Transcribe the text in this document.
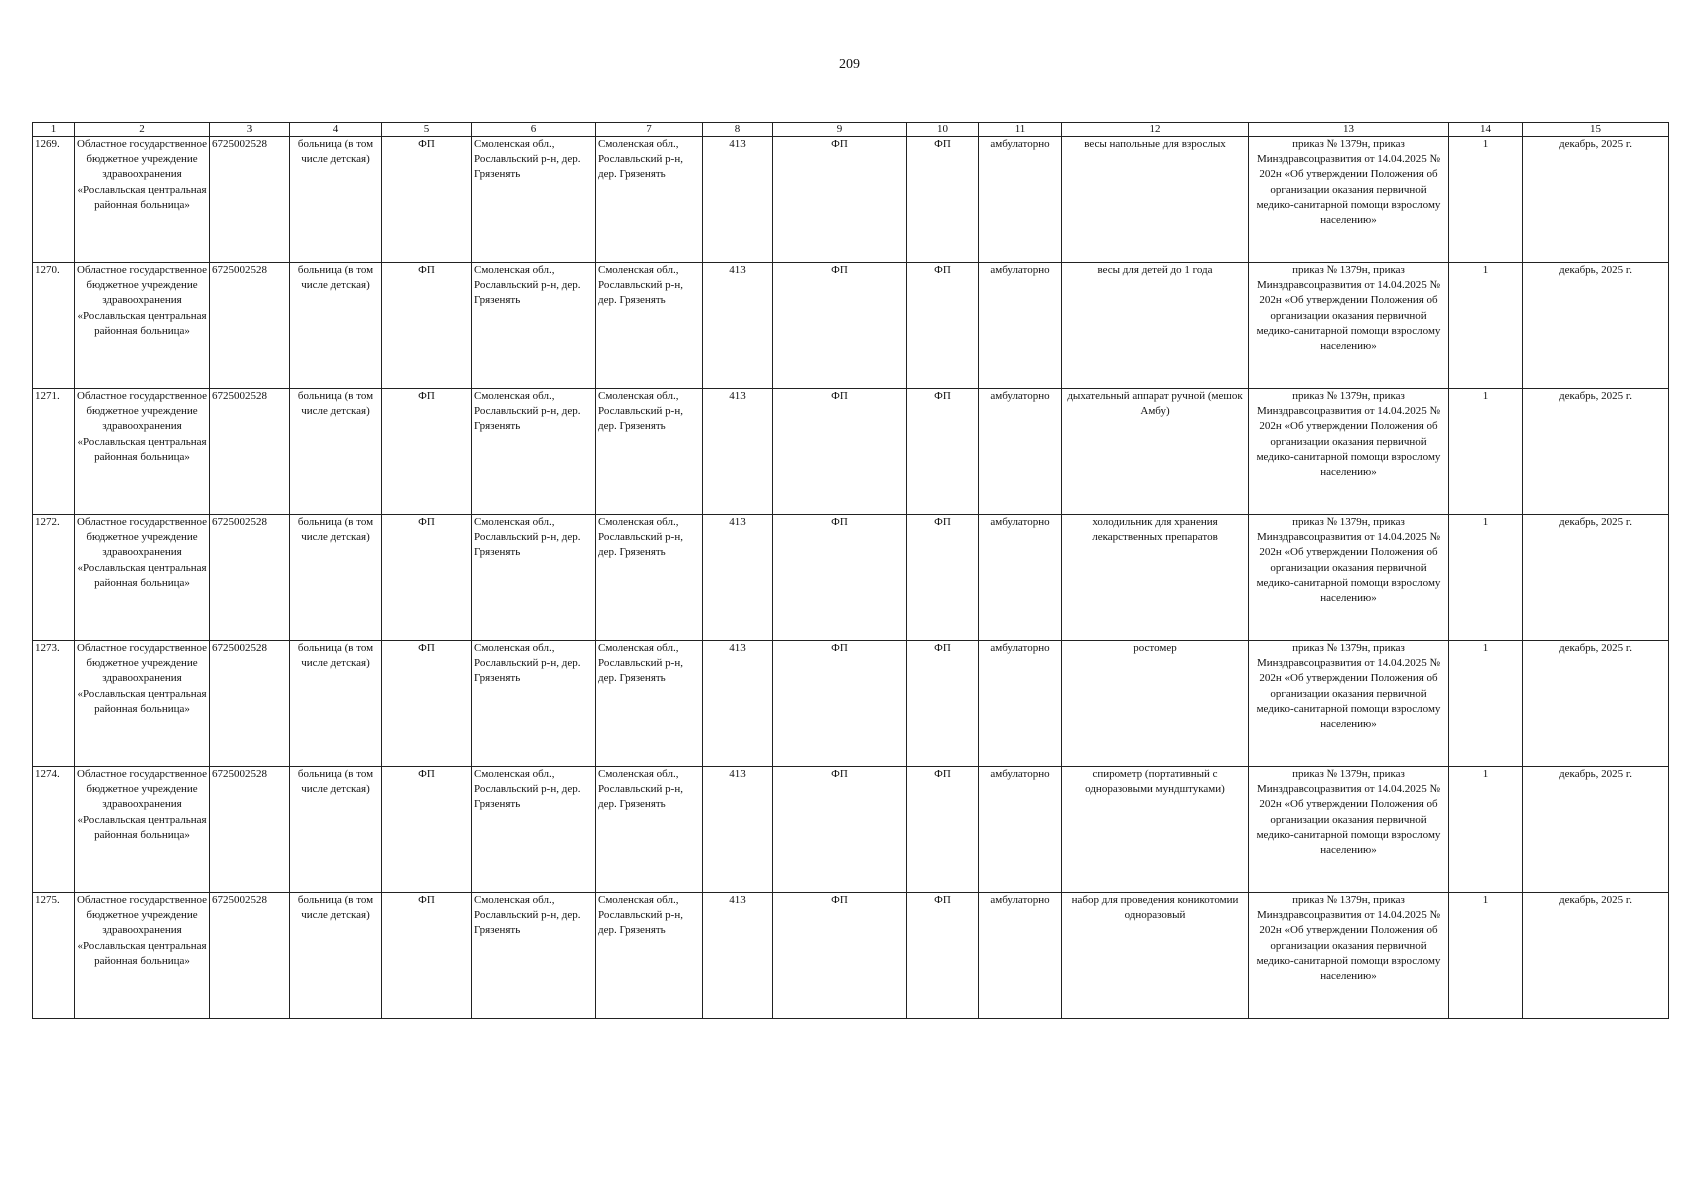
209
1	2	3	4	5	6	7	8	9	10	11	12	13	14	15
1269.	Областное государственное бюджетное учреждение здравоохранения «Рославльская центральная районная больница»	6725002528	больница (в том числе детская)	ФП	Смоленская обл., Рославльский р-н, дер. Грязенять	Смоленская обл., Рославльский р-н, дер. Грязенять	413	ФП	ФП	амбулаторно	весы напольные для взрослых	приказ № 1379н, приказ Минздравсоцразвития от 14.04.2025 № 202н «Об утверждении Положения об организации оказания первичной медико-санитарной помощи взрослому населению»	1	декабрь, 2025 г.
1270.	Областное государственное бюджетное учреждение здравоохранения «Рославльская центральная районная больница»	6725002528	больница (в том числе детская)	ФП	Смоленская обл., Рославльский р-н, дер. Грязенять	Смоленская обл., Рославльский р-н, дер. Грязенять	413	ФП	ФП	амбулаторно	весы для детей до 1 года	приказ № 1379н, приказ Минздравсоцразвития от 14.04.2025 № 202н «Об утверждении Положения об организации оказания первичной медико-санитарной помощи взрослому населению»	1	декабрь, 2025 г.
1271.	Областное государственное бюджетное учреждение здравоохранения «Рославльская центральная районная больница»	6725002528	больница (в том числе детская)	ФП	Смоленская обл., Рославльский р-н, дер. Грязенять	Смоленская обл., Рославльский р-н, дер. Грязенять	413	ФП	ФП	амбулаторно	дыхательный аппарат ручной (мешок Амбу)	приказ № 1379н, приказ Минздравсоцразвития от 14.04.2025 № 202н «Об утверждении Положения об организации оказания первичной медико-санитарной помощи взрослому населению»	1	декабрь, 2025 г.
1272.	Областное государственное бюджетное учреждение здравоохранения «Рославльская центральная районная больница»	6725002528	больница (в том числе детская)	ФП	Смоленская обл., Рославльский р-н, дер. Грязенять	Смоленская обл., Рославльский р-н, дер. Грязенять	413	ФП	ФП	амбулаторно	холодильник для хранения лекарственных препаратов	приказ № 1379н, приказ Минздравсоцразвития от 14.04.2025 № 202н «Об утверждении Положения об организации оказания первичной медико-санитарной помощи взрослому населению»	1	декабрь, 2025 г.
1273.	Областное государственное бюджетное учреждение здравоохранения «Рославльская центральная районная больница»	6725002528	больница (в том числе детская)	ФП	Смоленская обл., Рославльский р-н, дер. Грязенять	Смоленская обл., Рославльский р-н, дер. Грязенять	413	ФП	ФП	амбулаторно	ростомер	приказ № 1379н, приказ Минздравсоцразвития от 14.04.2025 № 202н «Об утверждении Положения об организации оказания первичной медико-санитарной помощи взрослому населению»	1	декабрь, 2025 г.
1274.	Областное государственное бюджетное учреждение здравоохранения «Рославльская центральная районная больница»	6725002528	больница (в том числе детская)	ФП	Смоленская обл., Рославльский р-н, дер. Грязенять	Смоленская обл., Рославльский р-н, дер. Грязенять	413	ФП	ФП	амбулаторно	спирометр (портативный с одноразовыми мундштуками)	приказ № 1379н, приказ Минздравсоцразвития от 14.04.2025 № 202н «Об утверждении Положения об организации оказания первичной медико-санитарной помощи взрослому населению»	1	декабрь, 2025 г.
1275.	Областное государственное бюджетное учреждение здравоохранения «Рославльская центральная районная больница»	6725002528	больница (в том числе детская)	ФП	Смоленская обл., Рославльский р-н, дер. Грязенять	Смоленская обл., Рославльский р-н, дер. Грязенять	413	ФП	ФП	амбулаторно	набор для проведения коникотомии одноразовый	приказ № 1379н, приказ Минздравсоцразвития от 14.04.2025 № 202н «Об утверждении Положения об организации оказания первичной медико-санитарной помощи взрослому населению»	1	декабрь, 2025 г.
